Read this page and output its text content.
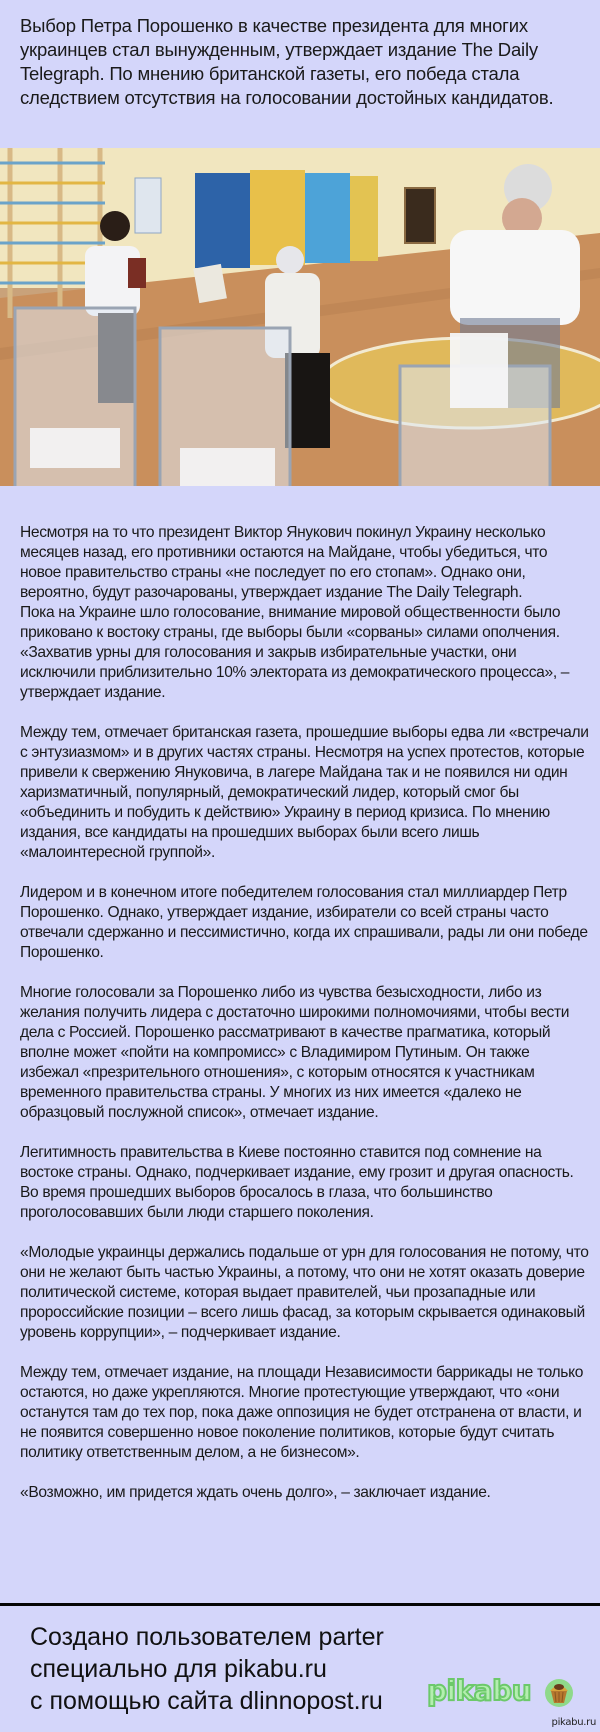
Выбор Петра Порошенко в качестве президента для многих украинцев стал вынужденным, утверждает издание The Daily Telegraph. По мнению британской газеты, его победа стала следствием отсутствия на голосовании достойных кандидатов.

Несмотря на то что президент Виктор Янукович покинул Украину несколько месяцев назад, его противники остаются на Майдане, чтобы убедиться, что новое правительство страны «не последует по его стопам». Однако они, вероятно, будут разочарованы, утверждает издание The Daily Telegraph.

Пока на Украине шло голосование, внимание мировой общественности было приковано к востоку страны, где выборы были «сорваны» силами ополчения. «Захватив урны для голосования и закрыв избирательные участки, они исключили приблизительно 10% электората из демократического процесса», – утверждает издание.

Между тем, отмечает британская газета, прошедшие выборы едва ли «встречали с энтузиазмом» и в других частях страны. Несмотря на успех протестов, которые привели к свержению Януковича, в лагере Майдана так и не появился ни один харизматичный, популярный, демократический лидер, который смог бы «объединить и побудить к действию» Украину в период кризиса. По мнению издания, все кандидаты на прошедших выборах были всего лишь «малоинтересной группой».

Лидером и в конечном итоге победителем голосования стал миллиардер Петр Порошенко. Однако, утверждает издание, избиратели со всей страны часто отвечали сдержанно и пессимистично, когда их спрашивали, рады ли они победе Порошенко.

Многие голосовали за Порошенко либо из чувства безысходности, либо из желания получить лидера с достаточно широкими полномочиями, чтобы вести дела с Россией. Порошенко рассматривают в качестве прагматика, который вполне может «пойти на компромисс» с Владимиром Путиным. Он также избежал «презрительного отношения», с которым относятся к участникам временного правительства страны. У многих из них имеется «далеко не образцовый послужной список», отмечает издание.

Легитимность правительства в Киеве постоянно ставится под сомнение на востоке страны. Однако, подчеркивает издание, ему грозит и другая опасность. Во время прошедших выборов бросалось в глаза, что большинство проголосовавших были люди старшего поколения.

«Молодые украинцы держались подальше от урн для голосования не потому, что они не желают быть частью Украины, а потому, что они не хотят оказать доверие политической системе, которая выдает правителей, чьи прозападные или пророссийские позиции – всего лишь фасад, за которым скрывается одинаковый уровень коррупции», – подчеркивает издание.

Между тем, отмечает издание, на площади Независимости баррикады не только остаются, но даже укрепляются. Многие протестующие утверждают, что «они останутся там до тех пор, пока даже оппозиция не будет отстранена от власти, и не появится совершенно новое поколение политиков, которые будут считать политику ответственным делом, а не бизнесом».

«Возможно, им придется ждать очень долго», – заключает издание.

Создано пользователем parter
специально для pikabu.ru
с помощью сайта dlinnopost.ru pikabu
pikabu.ru
